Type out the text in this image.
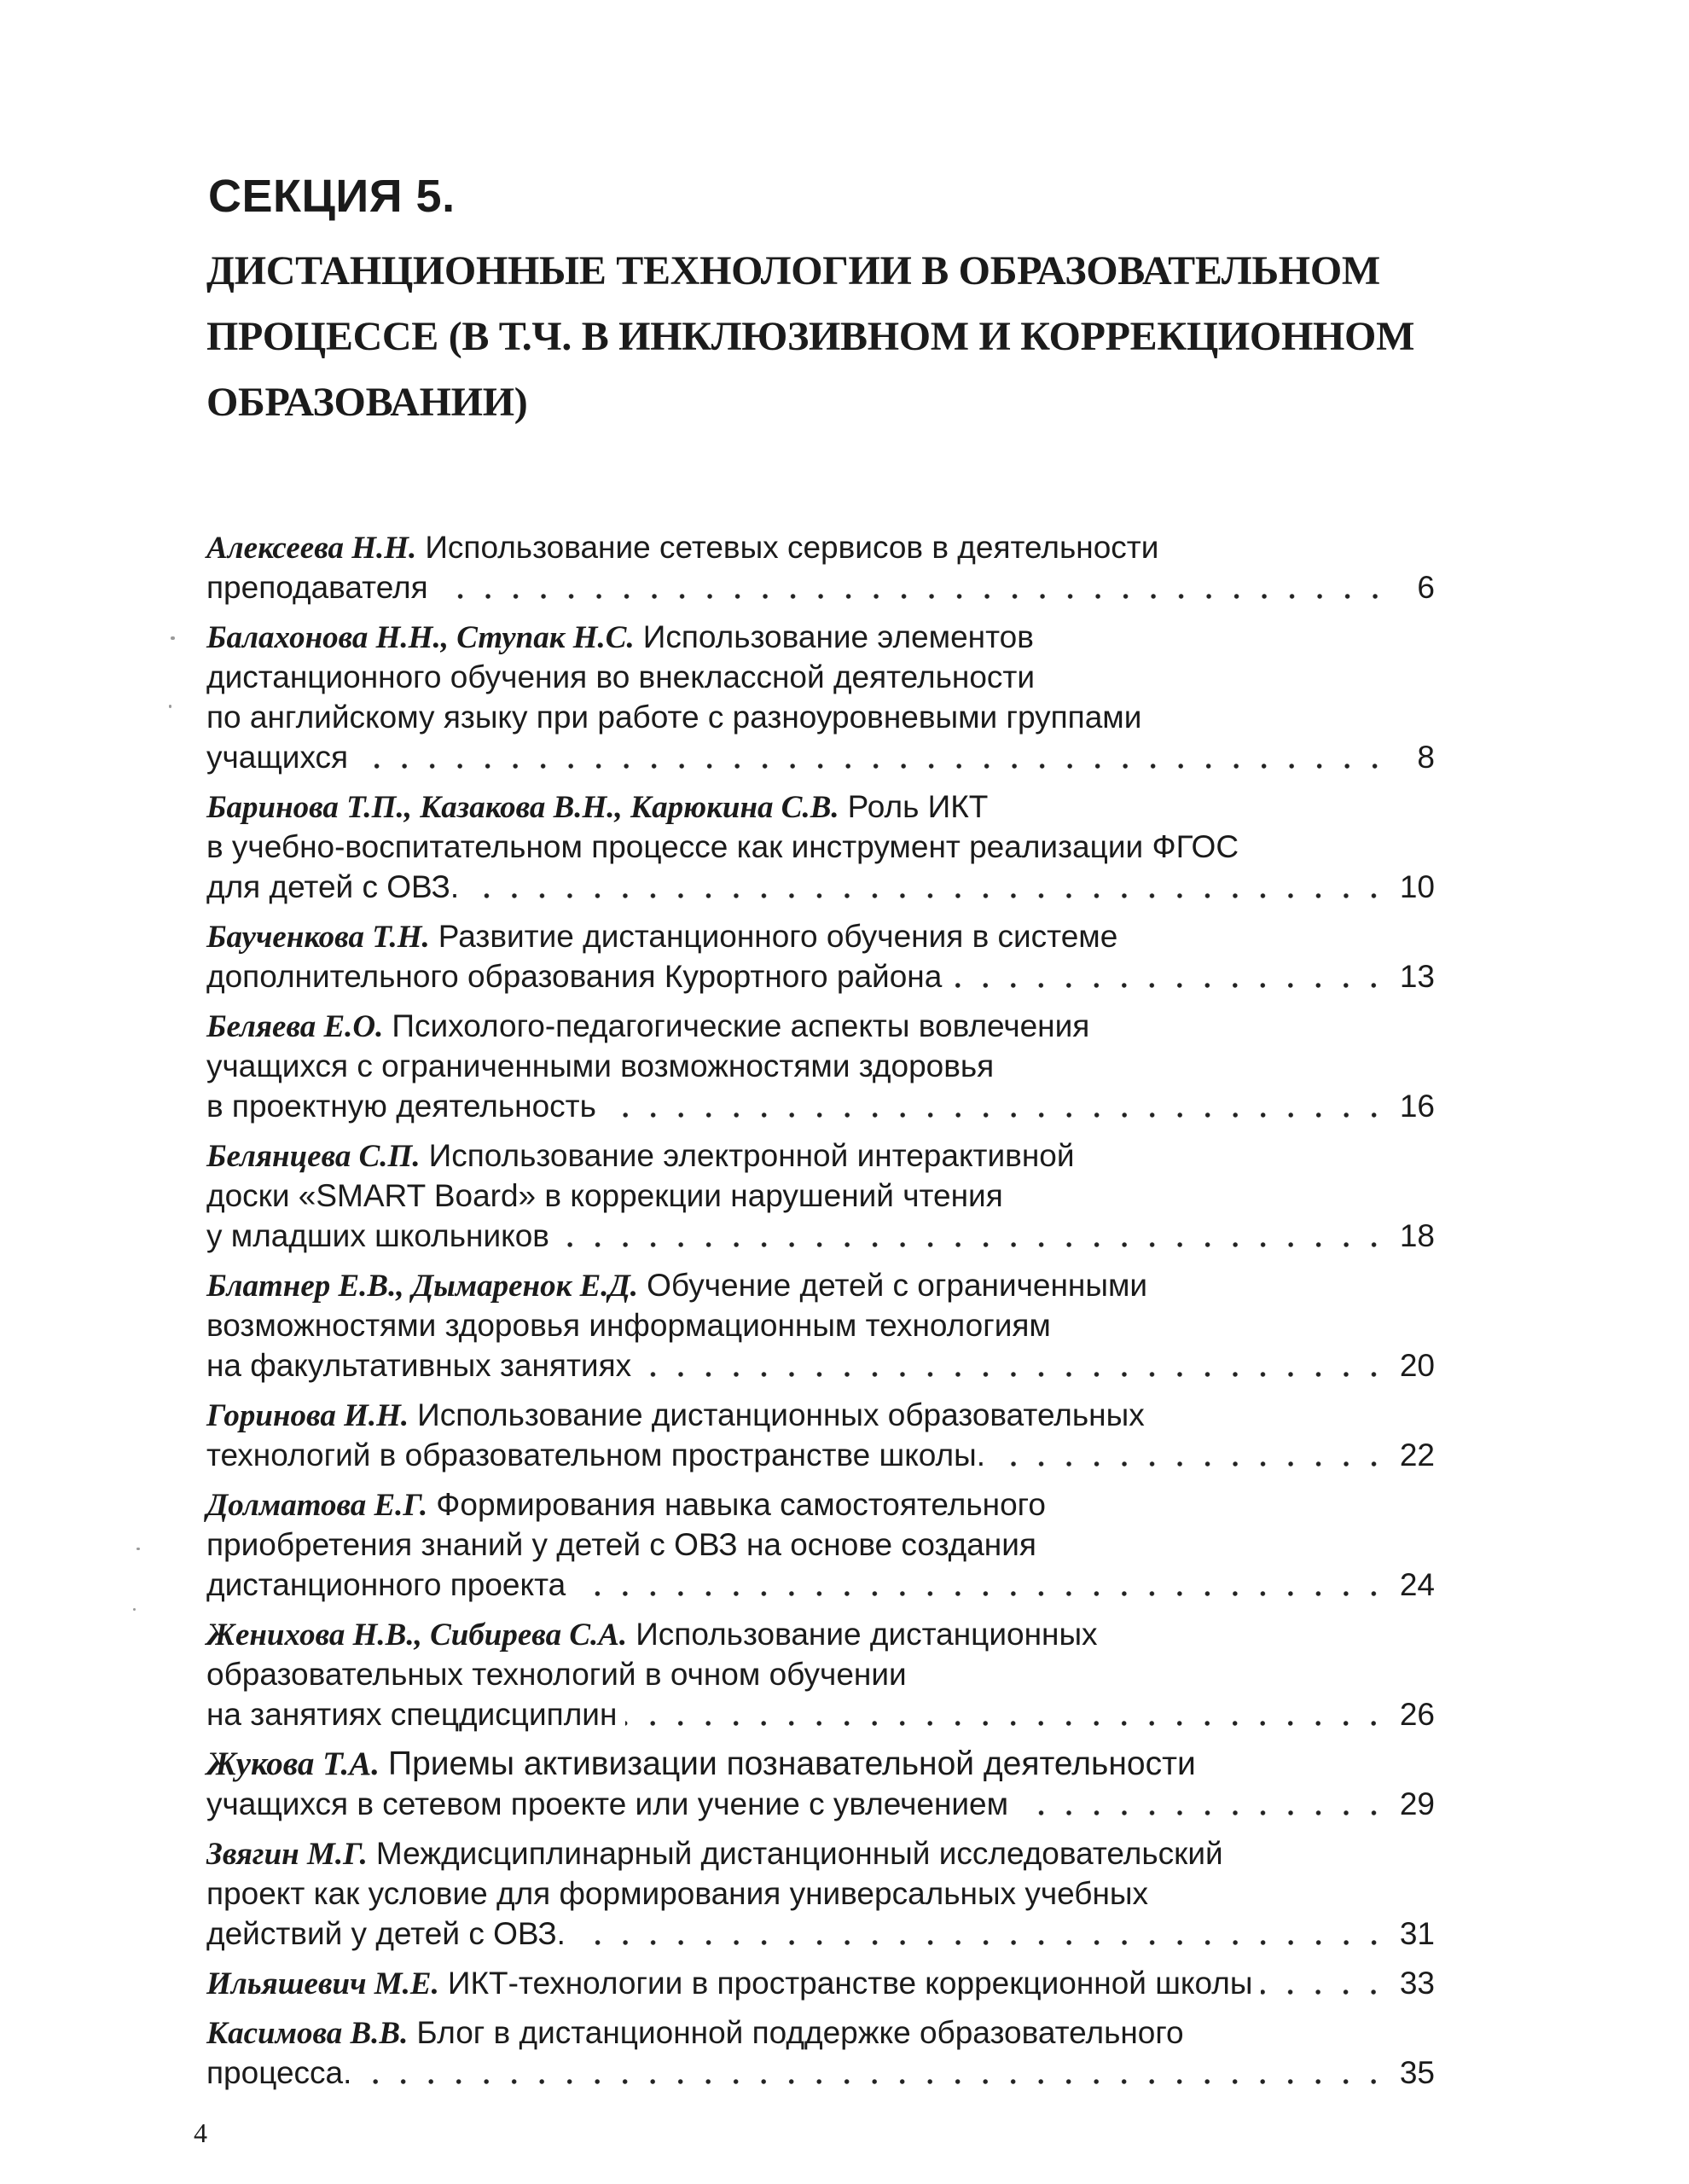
СЕКЦИЯ 5.
ДИСТАНЦИОННЫЕ ТЕХНОЛОГИИ В ОБРАЗОВАТЕЛЬНОМ
ПРОЦЕССЕ (В Т.Ч. В ИНКЛЮЗИВНОМ И КОРРЕКЦИОННОМ
ОБРАЗОВАНИИ)
Алексеева Н.Н. Использование сетевых сервисов в деятельности
преподавателя	6
Балахонова Н.Н., Ступак Н.С. Использование элементов
дистанционного обучения во внеклассной деятельности
по английскому языку при работе с разноуровневыми группами
учащихся	8
Баринова Т.П., Казакова В.Н., Карюкина С.В. Роль ИКТ
в учебно-воспитательном процессе как инструмент реализации ФГОС
для детей с ОВЗ.	10
Баученкова Т.Н. Развитие дистанционного обучения в системе
дополнительного образования Курортного района	13
Беляева Е.О. Психолого-педагогические аспекты вовлечения
учащихся с ограниченными возможностями здоровья
в проектную деятельность	16
Белянцева С.П. Использование электронной интерактивной
доски «SMART Board» в коррекции нарушений чтения
у младших школьников	18
Блатнер Е.В., Дымаренок Е.Д. Обучение детей с ограниченными
возможностями здоровья информационным технологиям
на факультативных занятиях	20
Горинова И.Н. Использование дистанционных образовательных
технологий в образовательном пространстве школы.	22
Долматова Е.Г. Формирования навыка самостоятельного
приобретения знаний у детей с ОВЗ на основе создания
дистанционного проекта	24
Женихова Н.В., Сибирева С.А. Использование дистанционных
образовательных технологий в очном обучении
на занятиях спецдисциплин	26
Жукова Т.А. Приемы активизации познавательной деятельности
учащихся в сетевом проекте или учение с увлечением	29
Звягин М.Г. Междисциплинарный дистанционный исследовательский
проект как условие для формирования универсальных учебных
действий у детей с ОВЗ.	31
Ильяшевич М.Е. ИКТ-технологии в пространстве коррекционной школы	33
Касимова В.В. Блог в дистанционной поддержке образовательного
процесса.	35
4
